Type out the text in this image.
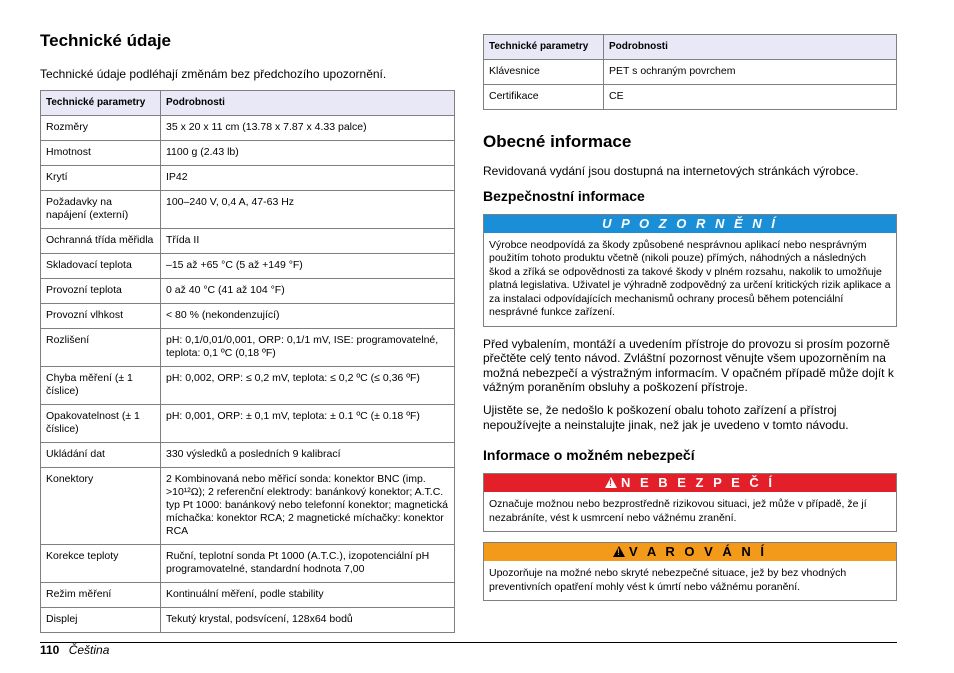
Technické údaje

Technické údaje podléhají změnám bez předchozího upozornění.

Technické parametry	Podrobnosti
Rozměry	35 x 20 x 11 cm (13.78 x 7.87 x 4.33 palce)
Hmotnost	1100 g (2.43 lb)
Krytí	IP42
Požadavky na napájení (externí)	100–240 V, 0,4 A, 47-63 Hz
Ochranná třída měřidla	Třída II
Skladovací teplota	–15 až +65 °C (5 až +149 °F)
Provozní teplota	0 až 40 °C (41 až 104 °F)
Provozní vlhkost	< 80 % (nekondenzující)
Rozlišení	pH: 0,1/0,01/0,001, ORP: 0,1/1 mV, ISE: programovatelné, teplota: 0,1 ºC (0,18 ºF)
Chyba měření (± 1 číslice)	pH: 0,002, ORP: ≤ 0,2 mV, teplota: ≤ 0,2 ºC (≤ 0,36 ºF)
Opakovatelnost (± 1 číslice)	pH: 0,001, ORP: ± 0,1 mV, teplota: ± 0.1 ºC (± 0.18 ºF)
Ukládání dat	330 výsledků a posledních 9 kalibrací
Konektory	2 Kombinovaná nebo měřicí sonda: konektor BNC (imp. >10¹²Ω); 2 referenční elektrody: banánkový konektor; A.T.C. typ Pt 1000: banánkový nebo telefonní konektor; magnetická míchačka: konektor RCA; 2 magnetické míchačky: konektor RCA
Korekce teploty	Ruční, teplotní sonda Pt 1000 (A.T.C.), izopotenciální pH programovatelné, standardní hodnota 7,00
Režim měření	Kontinuální měření, podle stability
Displej	Tekutý krystal, podsvícení, 128x64 bodů
Technické parametry	Podrobnosti
Klávesnice	PET s ochraným povrchem
Certifikace	CE
Obecné informace

Revidovaná vydání jsou dostupná na internetových stránkách výrobce.

Bezpečnostní informace
U P O Z O R N Ě N Í
Výrobce neodpovídá za škody způsobené nesprávnou aplikací nebo nesprávným použitím tohoto produktu včetně (nikoli pouze) přímých, náhodných a následných škod a zříká se odpovědnosti za takové škody v plném rozsahu, nakolik to umožňuje platná legislativa. Uživatel je výhradně zodpovědný za určení kritických rizik aplikace a za instalaci odpovídajících mechanismů ochrany procesů během potenciální nesprávné funkce zařízení.

Před vybalením, montáží a uvedením přístroje do provozu si prosím pozorně přečtěte celý tento návod. Zvláštní pozornost věnujte všem upozorněním na možná nebezpečí a výstražným informacím. V opačném případě může dojít k vážným poraněním obsluhy a poškození přístroje.

Ujistěte se, že nedošlo k poškození obalu tohoto zařízení a přístroj nepoužívejte a neinstalujte jinak, než jak je uvedeno v tomto návodu.

Informace o možném nebezpečí
!N E B E Z P E Č Í
Označuje možnou nebo bezprostředně rizikovou situaci, jež může v případě, že jí nezabráníte, vést k usmrcení nebo vážnému zranění.
!V A R O V Á N Í
Upozorňuje na možné nebo skryté nebezpečné situace, jež by bez vhodných preventivních opatření mohly vést k úmrtí nebo vážnému poranění.
110 Čeština
